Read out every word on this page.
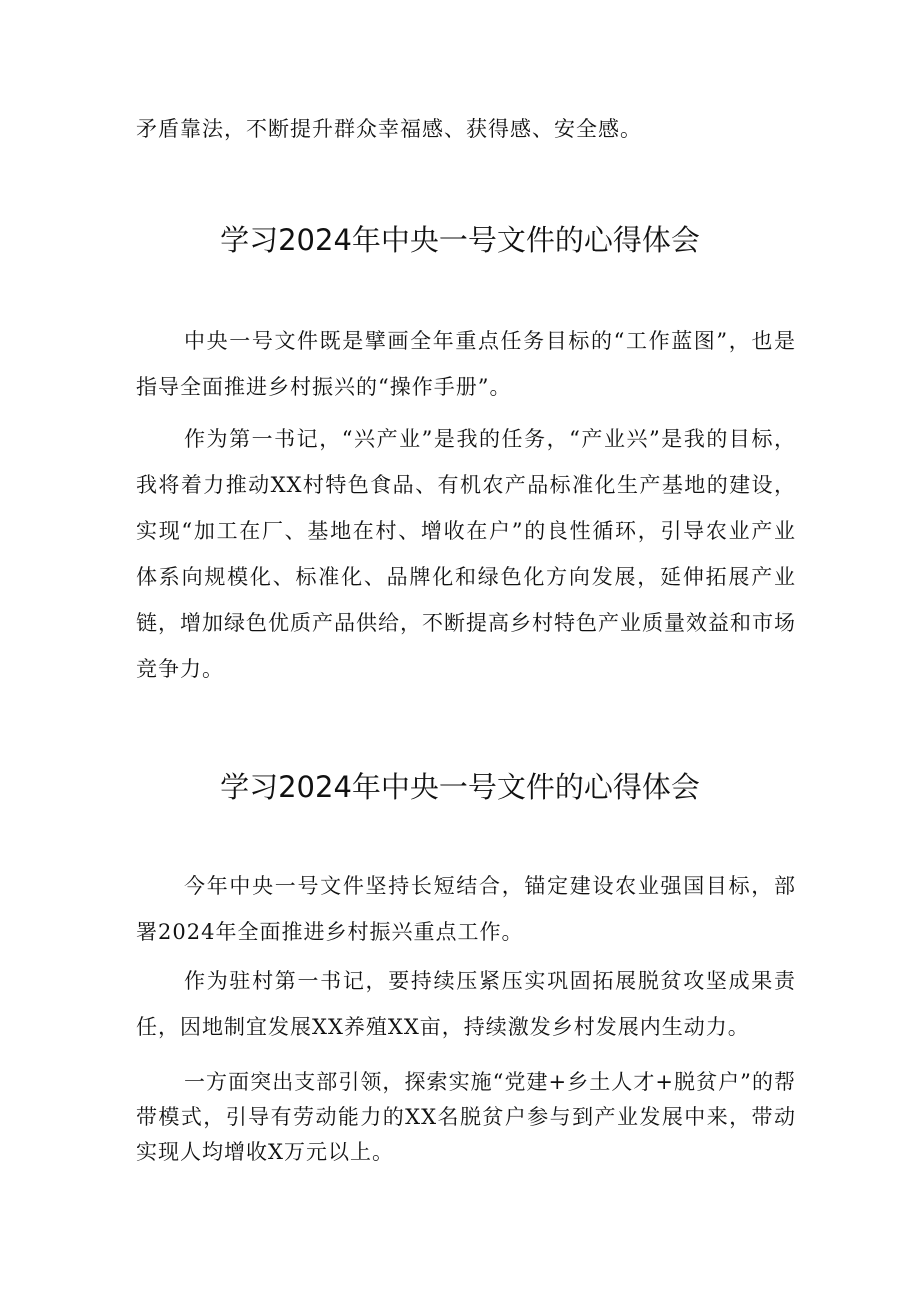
矛盾靠法，不断提升群众幸福感、获得感、安全感。

学习2024年中央一号文件的心得体会

中央一号文件既是擘画全年重点任务目标的“工作蓝图”，也是指导全面推进乡村振兴的“操作手册”。

作为第一书记，“兴产业”是我的任务，“产业兴”是我的目标，我将着力推动XX村特色食品、有机农产品标准化生产基地的建设，实现“加工在厂、基地在村、增收在户”的良性循环，引导农业产业体系向规模化、标准化、品牌化和绿色化方向发展，延伸拓展产业链，增加绿色优质产品供给，不断提高乡村特色产业质量效益和市场竞争力。

学习2024年中央一号文件的心得体会

今年中央一号文件坚持长短结合，锚定建设农业强国目标，部署2024年全面推进乡村振兴重点工作。

作为驻村第一书记，要持续压紧压实巩固拓展脱贫攻坚成果责任，因地制宜发展XX养殖XX亩，持续激发乡村发展内生动力。

一方面突出支部引领，探索实施“党建+乡土人才+脱贫户”的帮带模式，引导有劳动能力的XX名脱贫户参与到产业发展中来，带动实现人均增收X万元以上。
